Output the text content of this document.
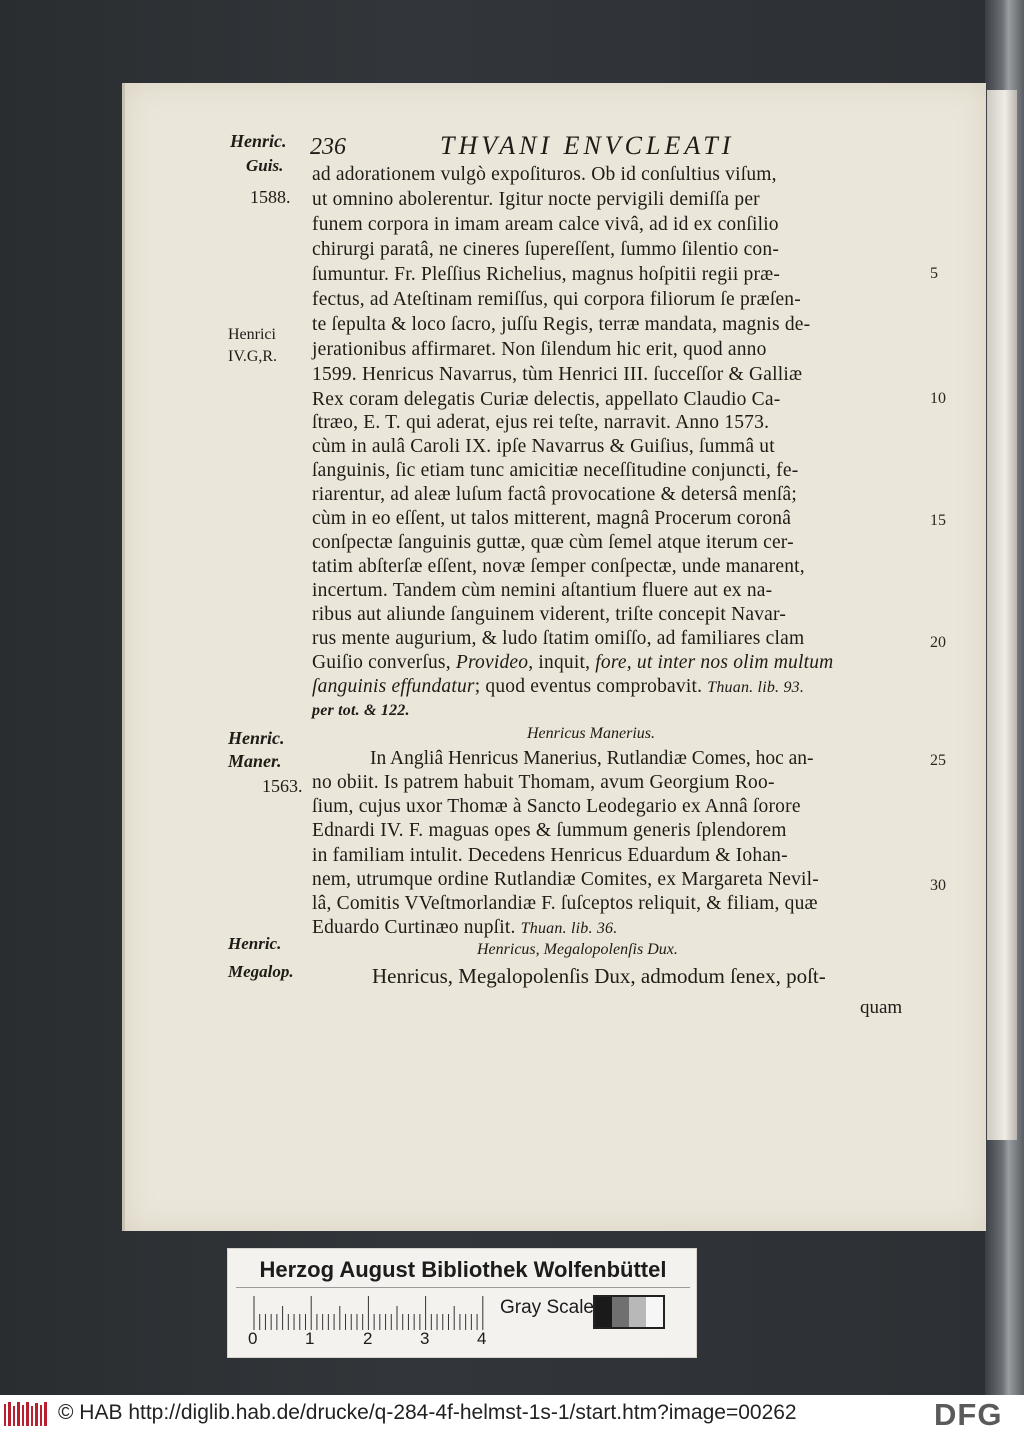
236	THVANI ENVCLEATI
Henric.
Guis.
1588.
Henrici
IV.G,R.
Henric.
Maner.
1563.
Henric.
Megalop.
5
10
15
20
25
30
ad adorationem vulgò expoſituros. Ob id conſultius viſum,
ut omnino abolerentur. Igitur nocte pervigili demiſſa per
funem corpora in imam aream calce vivâ, ad id ex conſilio
chirurgi paratâ, ne cineres ſupereſſent, ſummo ſilentio con-
ſumuntur. Fr. Pleſſius Richelius, magnus hoſpitii regii præ-
fectus, ad Ateſtinam remiſſus, qui corpora filiorum ſe præſen-
te ſepulta & loco ſacro, juſſu Regis, terræ mandata, magnis de-
jerationibus affirmaret. Non ſilendum hic erit, quod anno
1599. Henricus Navarrus, tùm Henrici III. ſucceſſor & Galliæ
Rex coram delegatis Curiæ delectis, appellato Claudio Ca-
ſtræo, E. T. qui aderat, ejus rei teſte, narravit. Anno 1573.
cùm in aulâ Caroli IX. ipſe Navarrus & Guiſius, ſummâ ut
ſanguinis, ſic etiam tunc amicitiæ neceſſitudine conjuncti, fe-
riarentur, ad aleæ luſum factâ provocatione & detersâ menſâ;
cùm in eo eſſent, ut talos mitterent, magnâ Procerum coronâ
conſpectæ ſanguinis guttæ, quæ cùm ſemel atque iterum cer-
tatim abſterſæ eſſent, novæ ſemper conſpectæ, unde manarent,
incertum. Tandem cùm nemini aſtantium fluere aut ex na-
ribus aut aliunde ſanguinem viderent, triſte concepit Navar-
rus mente augurium, & ludo ſtatim omiſſo, ad familiares clam
Guiſio converſus, Provideo, inquit, fore, ut inter nos olim multum
ſanguinis effundatur; quod eventus comprobavit. Thuan. lib. 93.
per tot. & 122.
Henricus Manerius.
In Angliâ Henricus Manerius, Rutlandiæ Comes, hoc an-
no obiit. Is patrem habuit Thomam, avum Georgium Roo-
ſium, cujus uxor Thomæ à Sancto Leodegario ex Annâ ſorore
Ednardi IV. F. maguas opes & ſummum generis ſplendorem
in familiam intulit. Decedens Henricus Eduardum & Iohan-
nem, utrumque ordine Rutlandiæ Comites, ex Margareta Nevil-
lâ, Comitis VVeſtmorlandiæ F. ſuſceptos reliquit, & filiam, quæ
Eduardo Curtinæo nupſit. Thuan. lib. 36.
Henricus, Megalopolenſis Dux.
Henricus, Megalopolenſis Dux, admodum ſenex, poſt-
quam
Herzog August Bibliothek Wolfenbüttel
0	1	2	3	4
Gray Scale
© HAB http://diglib.hab.de/drucke/q-284-4f-helmst-1s-1/start.htm?image=00262	DFG
